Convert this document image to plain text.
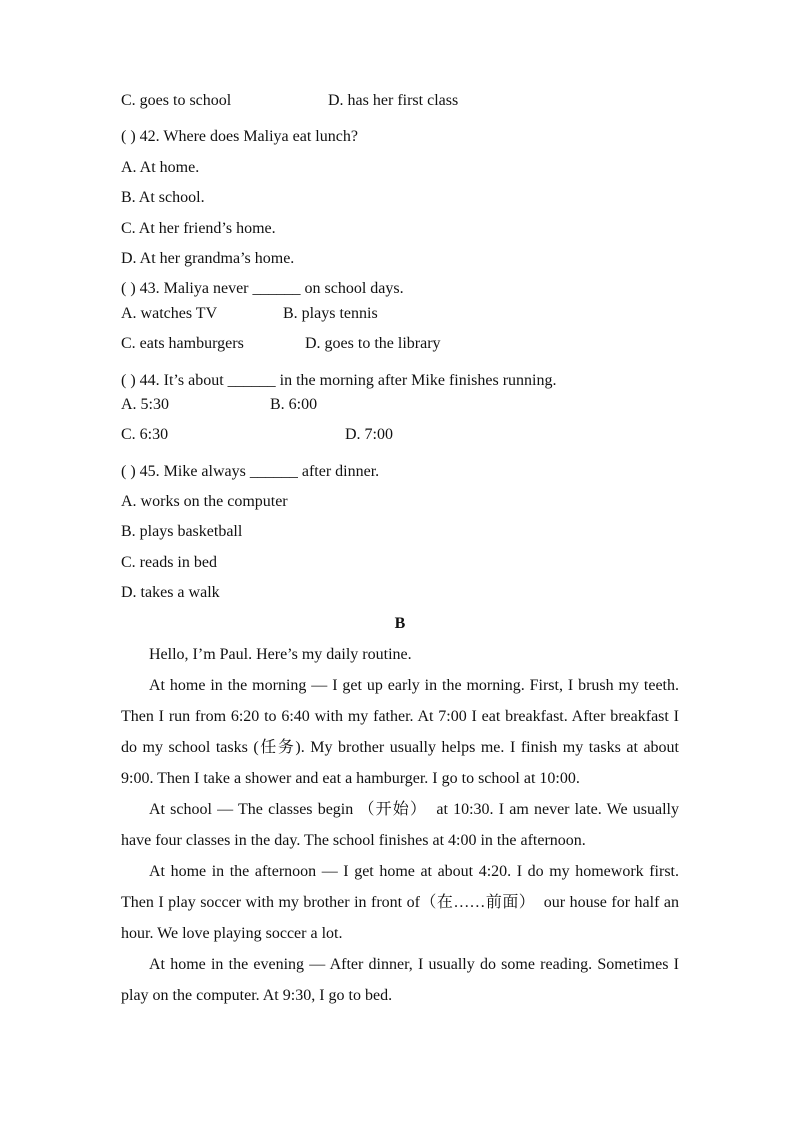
C. goes to school	D. has her first class
( ) 42. Where does Maliya eat lunch?
A. At home.
B. At school.
C. At her friend’s home.
D. At her grandma’s home.
( ) 43. Maliya never ______ on school days.
A. watches TV	B. plays tennis
C. eats hamburgers	D. goes to the library
( ) 44. It’s about ______ in the morning after Mike finishes running.
A. 5:30	B. 6:00
C. 6:30	D. 7:00
( ) 45. Mike always ______ after dinner.
A. works on the computer
B. plays basketball
C. reads in bed
D. takes a walk
B

Hello, I’m Paul. Here’s my daily routine.

At home in the morning — I get up early in the morning. First, I brush my teeth. Then I run from 6:20 to 6:40 with my father. At 7:00 I eat breakfast. After breakfast I do my school tasks (任务). My brother usually helps me. I finish my tasks at about 9:00. Then I take a shower and eat a hamburger. I go to school at 10:00.

At school — The classes begin （开始）　at 10:30. I am never late. We usually have four classes in the day. The school finishes at 4:00 in the afternoon.

At home in the afternoon — I get home at about 4:20. I do my homework first. Then I play soccer with my brother in front of（在……前面）　our house for half an hour. We love playing soccer a lot.

At home in the evening — After dinner, I usually do some reading. Sometimes I play on the computer. At 9:30, I go to bed.
